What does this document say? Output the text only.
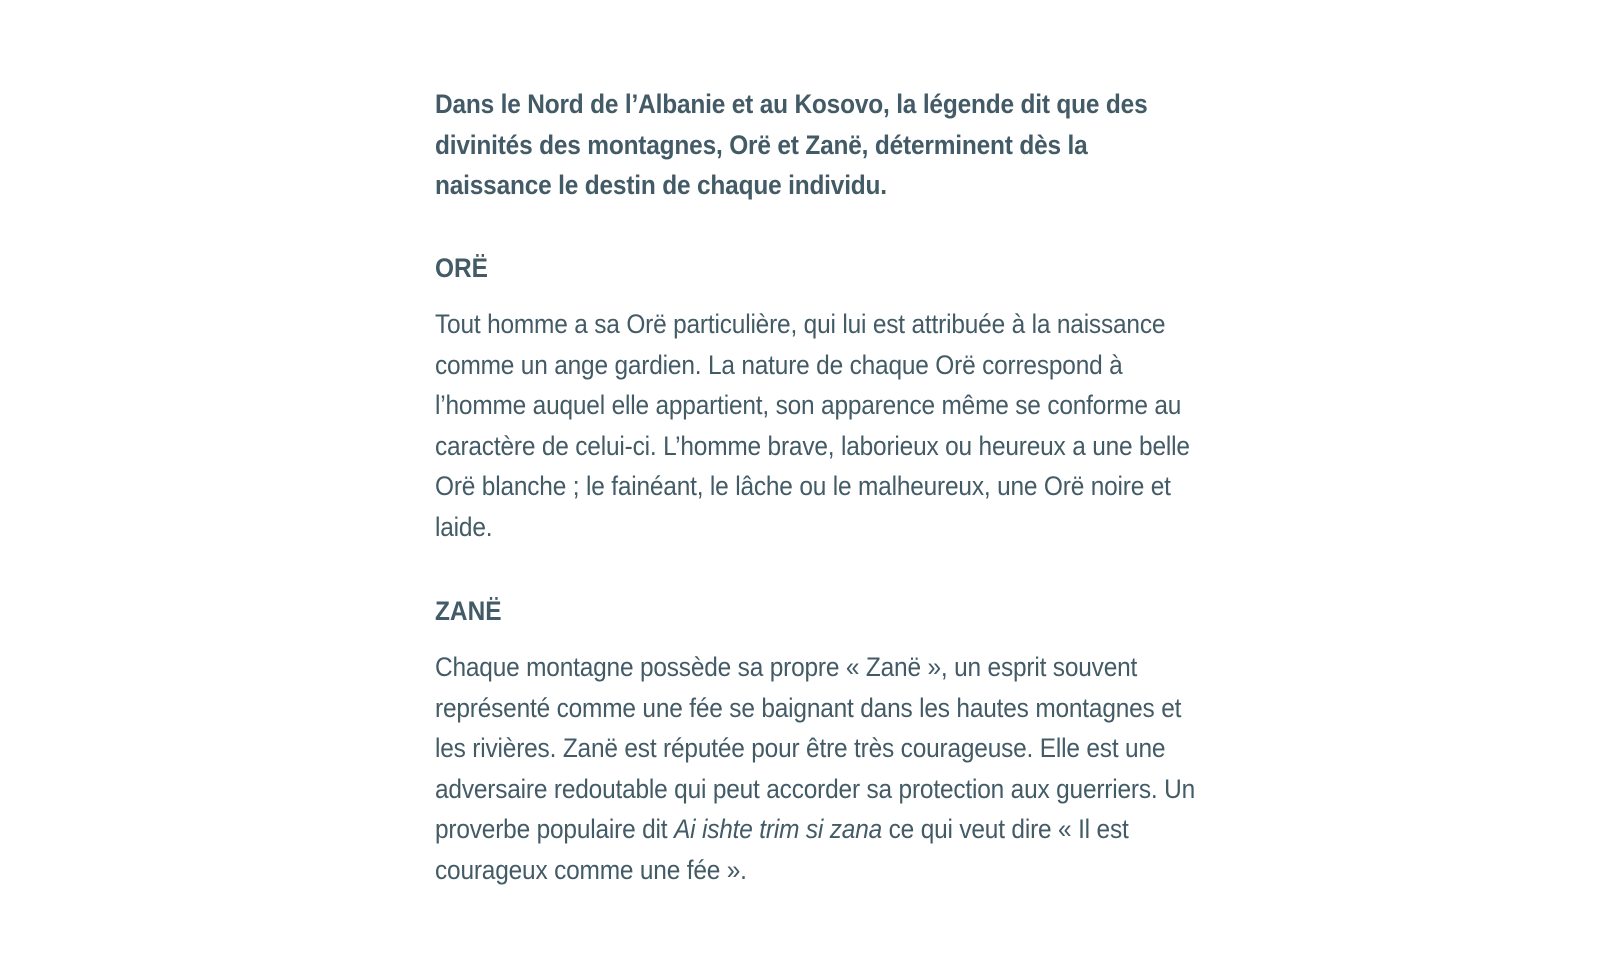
Dans le Nord de l’Albanie et au Kosovo, la légende dit que des divinités des montagnes, Orë et Zanë, déterminent dès la naissance le destin de chaque individu.

ORË

Tout homme a sa Orë particulière, qui lui est attribuée à la naissance comme un ange gardien. La nature de chaque Orë correspond à l’homme auquel elle appartient, son apparence même se conforme au caractère de celui-ci. L’homme brave, laborieux ou heureux a une belle Orë blanche ; le fainéant, le lâche ou le malheureux, une Orë noire et laide.

ZANË

Chaque montagne possède sa propre « Zanë », un esprit souvent représenté comme une fée se baignant dans les hautes montagnes et les rivières. Zanë est réputée pour être très courageuse. Elle est une adversaire redoutable qui peut accorder sa protection aux guerriers. Un proverbe populaire dit Ai ishte trim si zana ce qui veut dire « Il est courageux comme une fée ».
